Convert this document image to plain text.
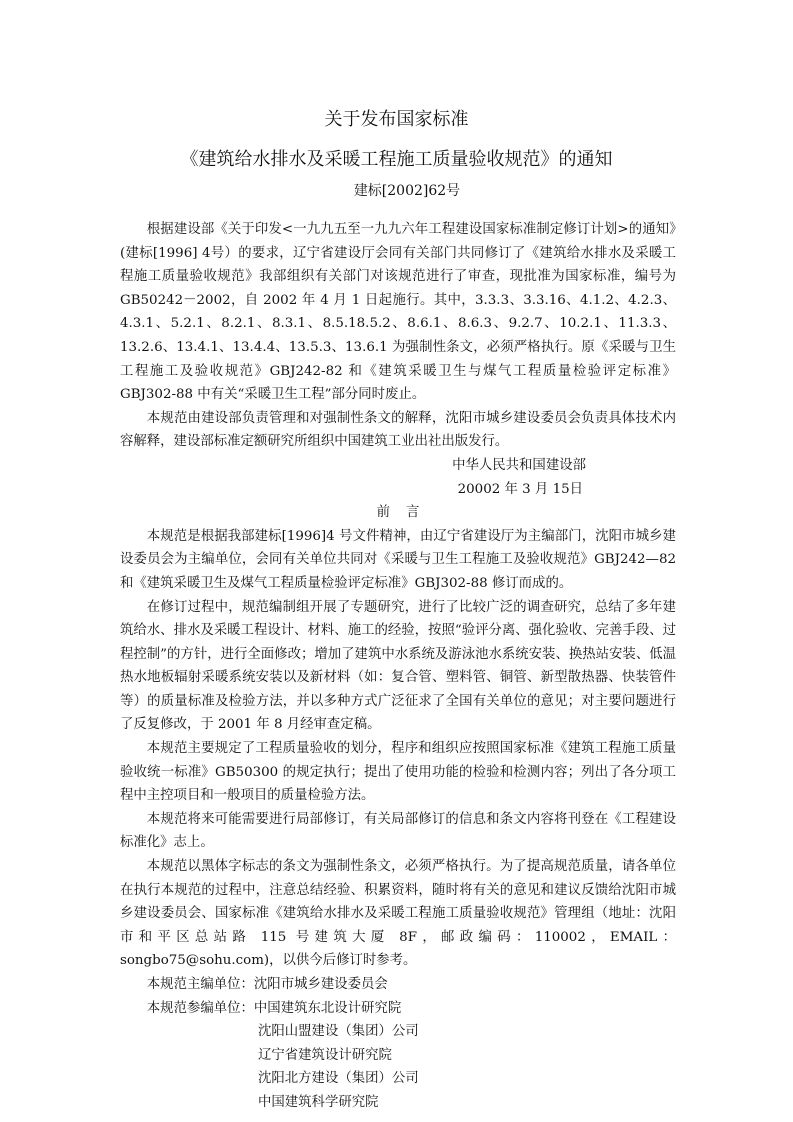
关于发布国家标准
《建筑给水排水及采暖工程施工质量验收规范》的通知
建标[2002]62号

根据建设部《关于印发<一九九五至一九九六年工程建设国家标准制定修订计划>的通知》(建标[1996] 4号）的要求，辽宁省建设厅会同有关部门共同修订了《建筑给水排水及采暖工程施工质量验收规范》我部组织有关部门对该规范进行了审查，现批准为国家标准，编号为 GB50242－2002，自 2002 年 4 月 1 日起施行。其中，3.3.3、3.3.16、4.1.2、4.2.3、4.3.1、5.2.1、8.2.1、8.3.1、8.5.18.5.2、8.6.1、8.6.3、9.2.7、10.2.1、11.3.3、13.2.6、13.4.1、13.4.4、13.5.3、13.6.1 为强制性条文，必须严格执行。原《采暖与卫生工程施工及验收规范》GBJ242-82 和《建筑采暖卫生与煤气工程质量检验评定标准》GBJ302-88 中有关“采暖卫生工程”部分同时废止。

本规范由建设部负责管理和对强制性条文的解释，沈阳市城乡建设委员会负责具体技术内容解释，建设部标准定额研究所组织中国建筑工业出社出版发行。

中华人民共和国建设部
20002 年 3 月 15日
前言

本规范是根据我部建标[1996]4 号文件精神，由辽宁省建设厅为主编部门，沈阳市城乡建设委员会为主编单位，会同有关单位共同对《采暖与卫生工程施工及验收规范》GBJ242—82 和《建筑采暖卫生及煤气工程质量检验评定标准》GBJ302-88 修订而成的。

在修订过程中，规范编制组开展了专题研究，进行了比较广泛的调查研究，总结了多年建筑给水、排水及采暖工程设计、材料、施工的经验，按照“验评分离、强化验收、完善手段、过程控制”的方针，进行全面修改；增加了建筑中水系统及游泳池水系统安装、换热站安装、低温热水地板辐射采暖系统安装以及新材料（如：复合管、塑料管、铜管、新型散热器、快装管件等）的质量标准及检验方法，并以多种方式广泛征求了全国有关单位的意见；对主要问题进行了反复修改，于 2001 年 8 月经审查定稿。

本规范主要规定了工程质量验收的划分，程序和组织应按照国家标准《建筑工程施工质量验收统一标准》GB50300 的规定执行；提出了使用功能的检验和检测内容；列出了各分项工程中主控项目和一般项目的质量检验方法。

本规范将来可能需要进行局部修订，有关局部修订的信息和条文内容将刊登在《工程建设标准化》志上。

本规范以黑体字标志的条文为强制性条文，必须严格执行。为了提高规范质量，请各单位在执行本规范的过程中，注意总结经验、积累资料，随时将有关的意见和建议反馈给沈阳市城乡建设委员会、国家标准《建筑给水排水及采暖工程施工质量验收规范》管理组（地址：沈阳市和平区总站路 115 号建筑大厦 8F，邮政编码：110002，EMAIL：songbo75@sohu.com)，以供今后修订时参考。

本规范主编单位： 沈阳市城乡建设委员会
本规范参编单位： 中国建筑东北设计研究院
沈阳山盟建设（集团）公司
辽宁省建筑设计研究院
沈阳北方建设（集团）公司
中国建筑科学研究院
